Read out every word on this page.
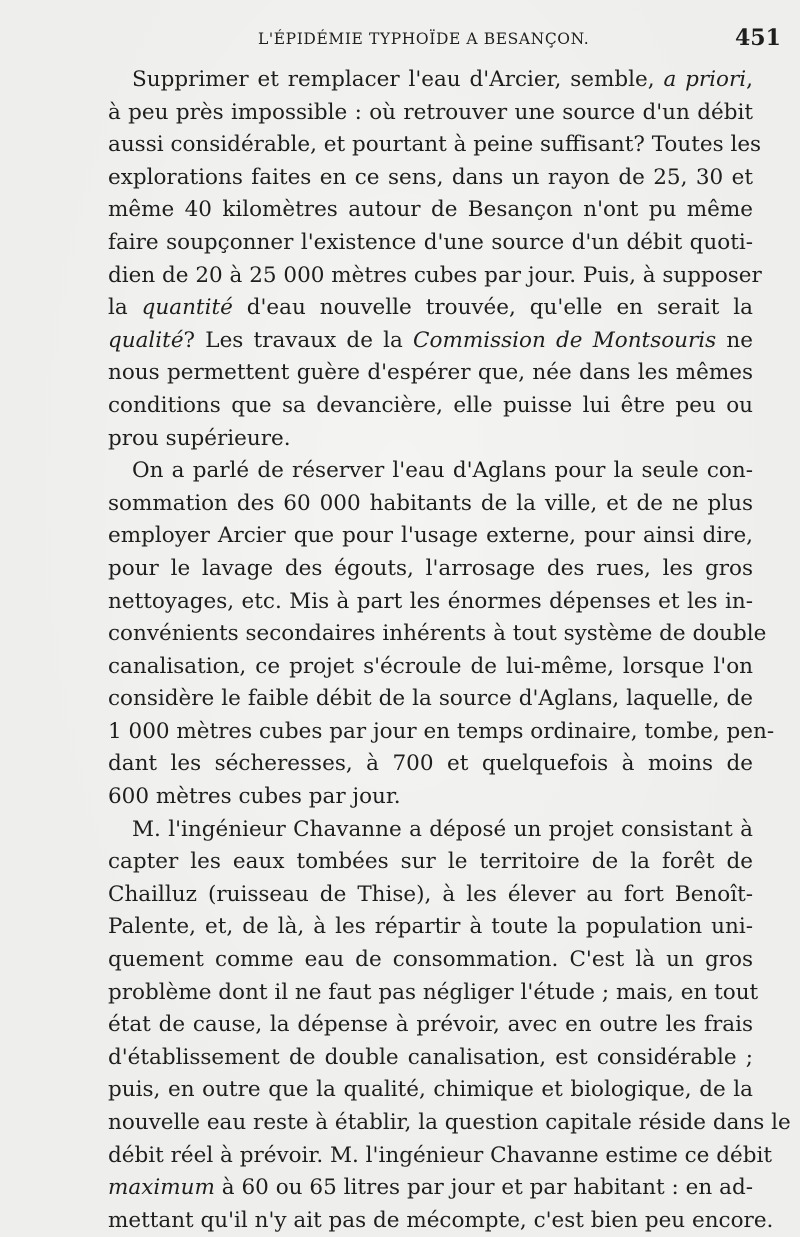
L'ÉPIDÉMIE TYPHOÏDE A BESANÇON.	451
Supprimer et remplacer l'eau d'Arcier, semble, a priori,
à peu près impossible : où retrouver une source d'un débit
aussi considérable, et pourtant à peine suffisant? Toutes les
explorations faites en ce sens, dans un rayon de 25, 30 et
même 40 kilomètres autour de Besançon n'ont pu même
faire soupçonner l'existence d'une source d'un débit quoti-
dien de 20 à 25 000 mètres cubes par jour. Puis, à supposer
la quantité d'eau nouvelle trouvée, qu'elle en serait la
qualité? Les travaux de la Commission de Montsouris ne
nous permettent guère d'espérer que, née dans les mêmes
conditions que sa devancière, elle puisse lui être peu ou
prou supérieure.
On a parlé de réserver l'eau d'Aglans pour la seule con-
sommation des 60 000 habitants de la ville, et de ne plus
employer Arcier que pour l'usage externe, pour ainsi dire,
pour le lavage des égouts, l'arrosage des rues, les gros
nettoyages, etc. Mis à part les énormes dépenses et les in-
convénients secondaires inhérents à tout système de double
canalisation, ce projet s'écroule de lui-même, lorsque l'on
considère le faible débit de la source d'Aglans, laquelle, de
1 000 mètres cubes par jour en temps ordinaire, tombe, pen-
dant les sécheresses, à 700 et quelquefois à moins de
600 mètres cubes par jour.
M. l'ingénieur Chavanne a déposé un projet consistant à
capter les eaux tombées sur le territoire de la forêt de
Chailluz (ruisseau de Thise), à les élever au fort Benoît-
Palente, et, de là, à les répartir à toute la population uni-
quement comme eau de consommation. C'est là un gros
problème dont il ne faut pas négliger l'étude ; mais, en tout
état de cause, la dépense à prévoir, avec en outre les frais
d'établissement de double canalisation, est considérable ;
puis, en outre que la qualité, chimique et biologique, de la
nouvelle eau reste à établir, la question capitale réside dans le
débit réel à prévoir. M. l'ingénieur Chavanne estime ce débit
maximum à 60 ou 65 litres par jour et par habitant : en ad-
mettant qu'il n'y ait pas de mécompte, c'est bien peu encore.
